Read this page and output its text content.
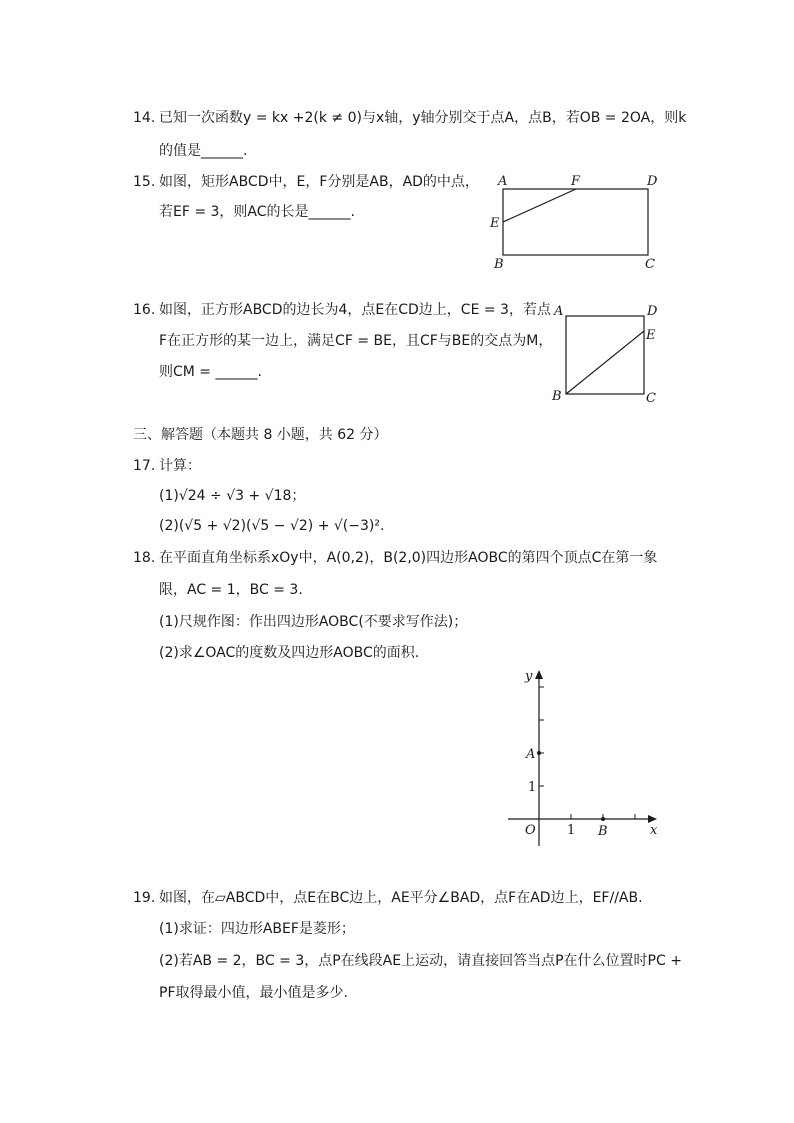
14. 已知一次函数y = kx +2(k ≠ 0)与x轴，y轴分别交于点A，点B，若OB = 2OA，则k
的值是______.
15. 如图，矩形ABCD中，E，F分别是AB，AD的中点，
若EF = 3，则AC的长是______.
A	F	D
E
B	C
16. 如图，正方形ABCD的边长为4，点E在CD边上，CE = 3，若点
F在正方形的某一边上，满足CF = BE，且CF与BE的交点为M，
则CM = ______.
A	D
E
B	C
三、解答题（本题共 8 小题，共 62 分）
17. 计算：
(1)√24 ÷ √3 + √18；
(2)(√5 + √2)(√5 − √2) + √(−3)².
18. 在平面直角坐标系xOy中，A(0,2)，B(2,0)四边形AOBC的第四个顶点C在第一象
限，AC = 1，BC = 3.
(1)尺规作图：作出四边形AOBC(不要求写作法)；
(2)求∠OAC的度数及四边形AOBC的面积.
y
x
O
A
1
1 B
19. 如图，在▱ABCD中，点E在BC边上，AE平分∠BAD，点F在AD边上，EF//AB.
(1)求证：四边形ABEF是菱形；
(2)若AB = 2，BC = 3，点P在线段AE上运动，请直接回答当点P在什么位置时PC +
PF取得最小值，最小值是多少.
